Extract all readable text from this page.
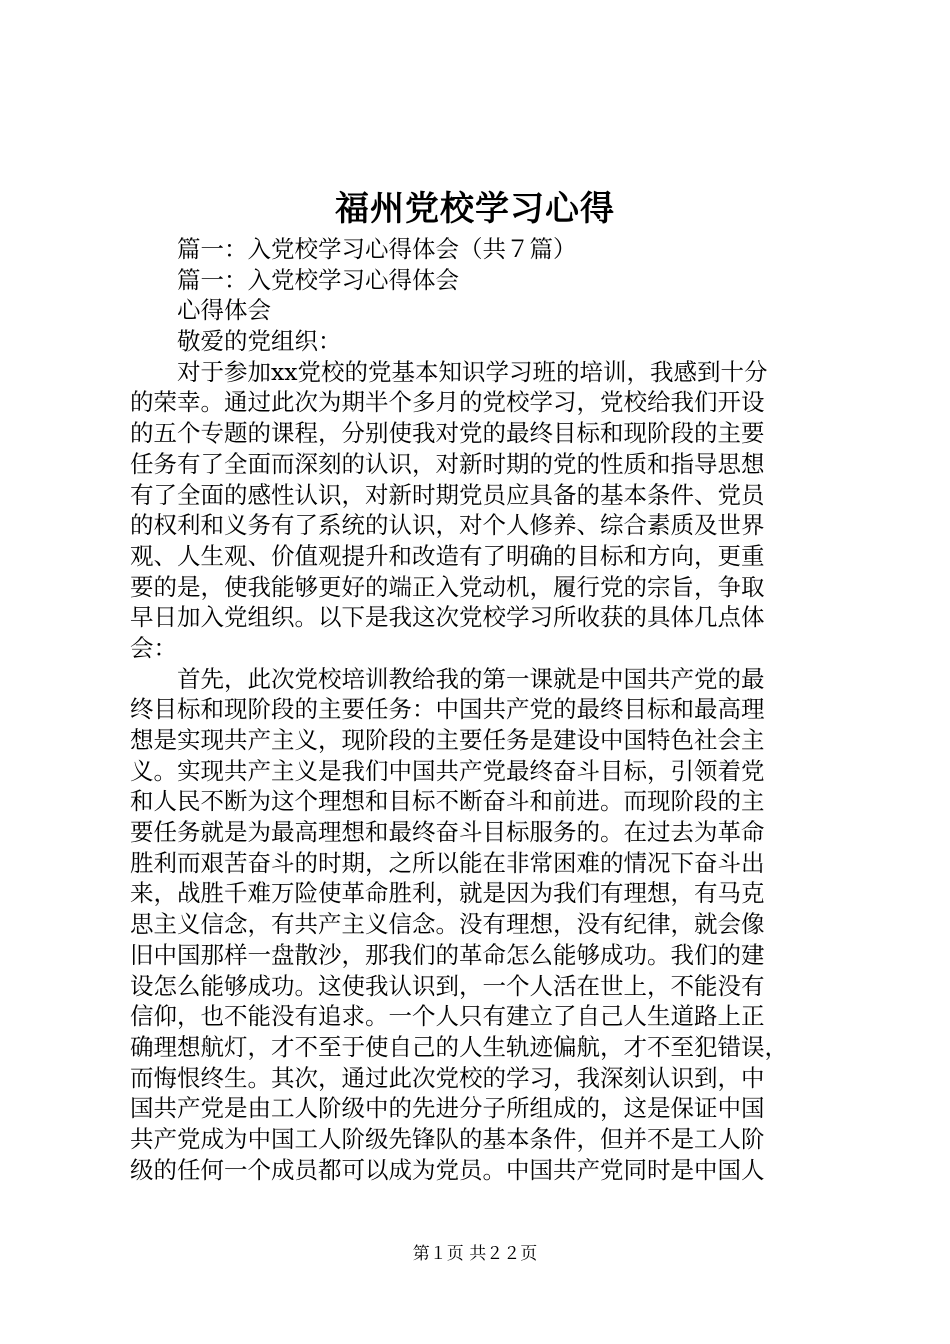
福州党校学习心得
篇一：入党校学习心得体会（共７篇）
篇一：入党校学习心得体会
心得体会
敬爱的党组织：
对于参加xx党校的党基本知识学习班的培训，我感到十分
的荣幸。通过此次为期半个多月的党校学习，党校给我们开设
的五个专题的课程，分别使我对党的最终目标和现阶段的主要
任务有了全面而深刻的认识，对新时期的党的性质和指导思想
有了全面的感性认识，对新时期党员应具备的基本条件、党员
的权利和义务有了系统的认识，对个人修养、综合素质及世界
观、人生观、价值观提升和改造有了明确的目标和方向，更重
要的是，使我能够更好的端正入党动机，履行党的宗旨，争取
早日加入党组织。以下是我这次党校学习所收获的具体几点体
会：
首先，此次党校培训教给我的第一课就是中国共产党的最
终目标和现阶段的主要任务：中国共产党的最终目标和最高理
想是实现共产主义，现阶段的主要任务是建设中国特色社会主
义。实现共产主义是我们中国共产党最终奋斗目标，引领着党
和人民不断为这个理想和目标不断奋斗和前进。而现阶段的主
要任务就是为最高理想和最终奋斗目标服务的。在过去为革命
胜利而艰苦奋斗的时期，之所以能在非常困难的情况下奋斗出
来，战胜千难万险使革命胜利，就是因为我们有理想，有马克
思主义信念，有共产主义信念。没有理想，没有纪律，就会像
旧中国那样一盘散沙，那我们的革命怎么能够成功。我们的建
设怎么能够成功。这使我认识到，一个人活在世上，不能没有
信仰，也不能没有追求。一个人只有建立了自己人生道路上正
确理想航灯，才不至于使自己的人生轨迹偏航，才不至犯错误，
而悔恨终生。其次，通过此次党校的学习，我深刻认识到，中
国共产党是由工人阶级中的先进分子所组成的，这是保证中国
共产党成为中国工人阶级先锋队的基本条件，但并不是工人阶
级的任何一个成员都可以成为党员。中国共产党同时是中国人
第１页 共２２页
